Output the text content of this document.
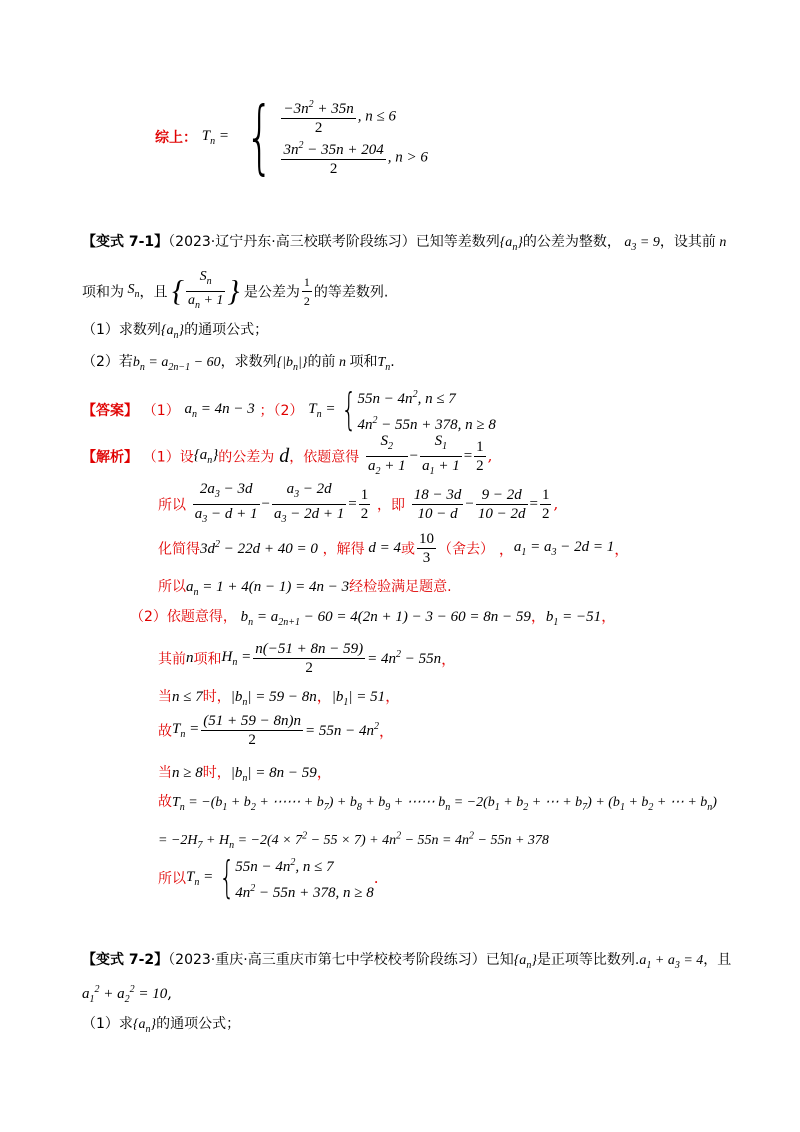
综上： $T_n$ = { $\frac{-3n^2 + 35n}{2}$ , n ≤ 6
$\frac{3n^2 - 35n + 204}{2}$ , n > 6
【变式 7-1】（2023·辽宁丹东·高三校联考阶段练习）已知等差数列$\{a_n\}$的公差为整数， $a_3 = 9$，设其前 n
项和为 $S_n$，且 { $\frac{S_n}{a_n + 1}$ } 是公差为 $\frac{1}{2}$ 的等差数列.
（1）求数列$\{a_n\}$的通项公式；
（2）若$b_n = a_{2n-1} - 60$，求数列$\{|b_n|\}$的前 n 项和$T_n$.
【答案】 （1） $a_n = 4n - 3$ ；（2） $T_n$ = { $55n - 4n^2$, n ≤ 7
$4n^2 - 55n + 378$, n ≥ 8
【解析】 （1）设$\{a_n\}$的公差为 d，依题意得 $\frac{S_2}{a_2 + 1} - \frac{S_1}{a_1 + 1} = \frac{1}{2}$ ,
所以 $\frac{2a_3 - 3d}{a_3 - d + 1} - \frac{a_3 - 2d}{a_3 - 2d + 1} = \frac{1}{2}$ ，即 $\frac{18 - 3d}{10 - d} - \frac{9 - 2d}{10 - 2d} = \frac{1}{2}$ ,
化简得$3d^2 - 22d + 40 = 0$ ，解得 d = 4或 $\frac{10}{3}$ （舍去） ，$a_1 = a_3 - 2d = 1$，
所以$a_n = 1 + 4(n - 1) = 4n - 3$经检验满足题意.
（2）依题意得， $b_n = a_{2n+1} - 60 = 4(2n + 1) - 3 - 60 = 8n - 59$，$b_1 = -51$，
其前n项和$H_n = \frac{n(-51 + 8n - 59)}{2} = 4n^2 - 55n$，
当n ≤ 7时，$|b_n| = 59 - 8n$，$|b_1| = 51$，
故$T_n = \frac{(51 + 59 - 8n)n}{2} = 55n - 4n^2$，
当n ≥ 8时，$|b_n| = 8n - 59$，
故$T_n = -(b_1 + b_2$ + ⋯⋯ + $b_7) + b_8 + b_9$ + ⋯⋯ $b_n = -2(b_1 + b_2$ + ⋯ + $b_7) + (b_1 + b_2$ + ⋯ + $b_n$)
= $-2H_7 + H_n = -2(4 \times 7^2 - 55 \times 7) + 4n^2 - 55n = 4n^2 - 55n + 378$
所以$T_n$ = { $55n - 4n^2$, n ≤ 7
$4n^2 - 55n + 378$, n ≥ 8
.
【变式 7-2】（2023·重庆·高三重庆市第七中学校校考阶段练习）已知$\{a_n\}$是正项等比数列$.a_1 + a_3 = 4$，且
$a_1^2 + a_2^2 = 10$,
（1）求$\{a_n\}$的通项公式；
